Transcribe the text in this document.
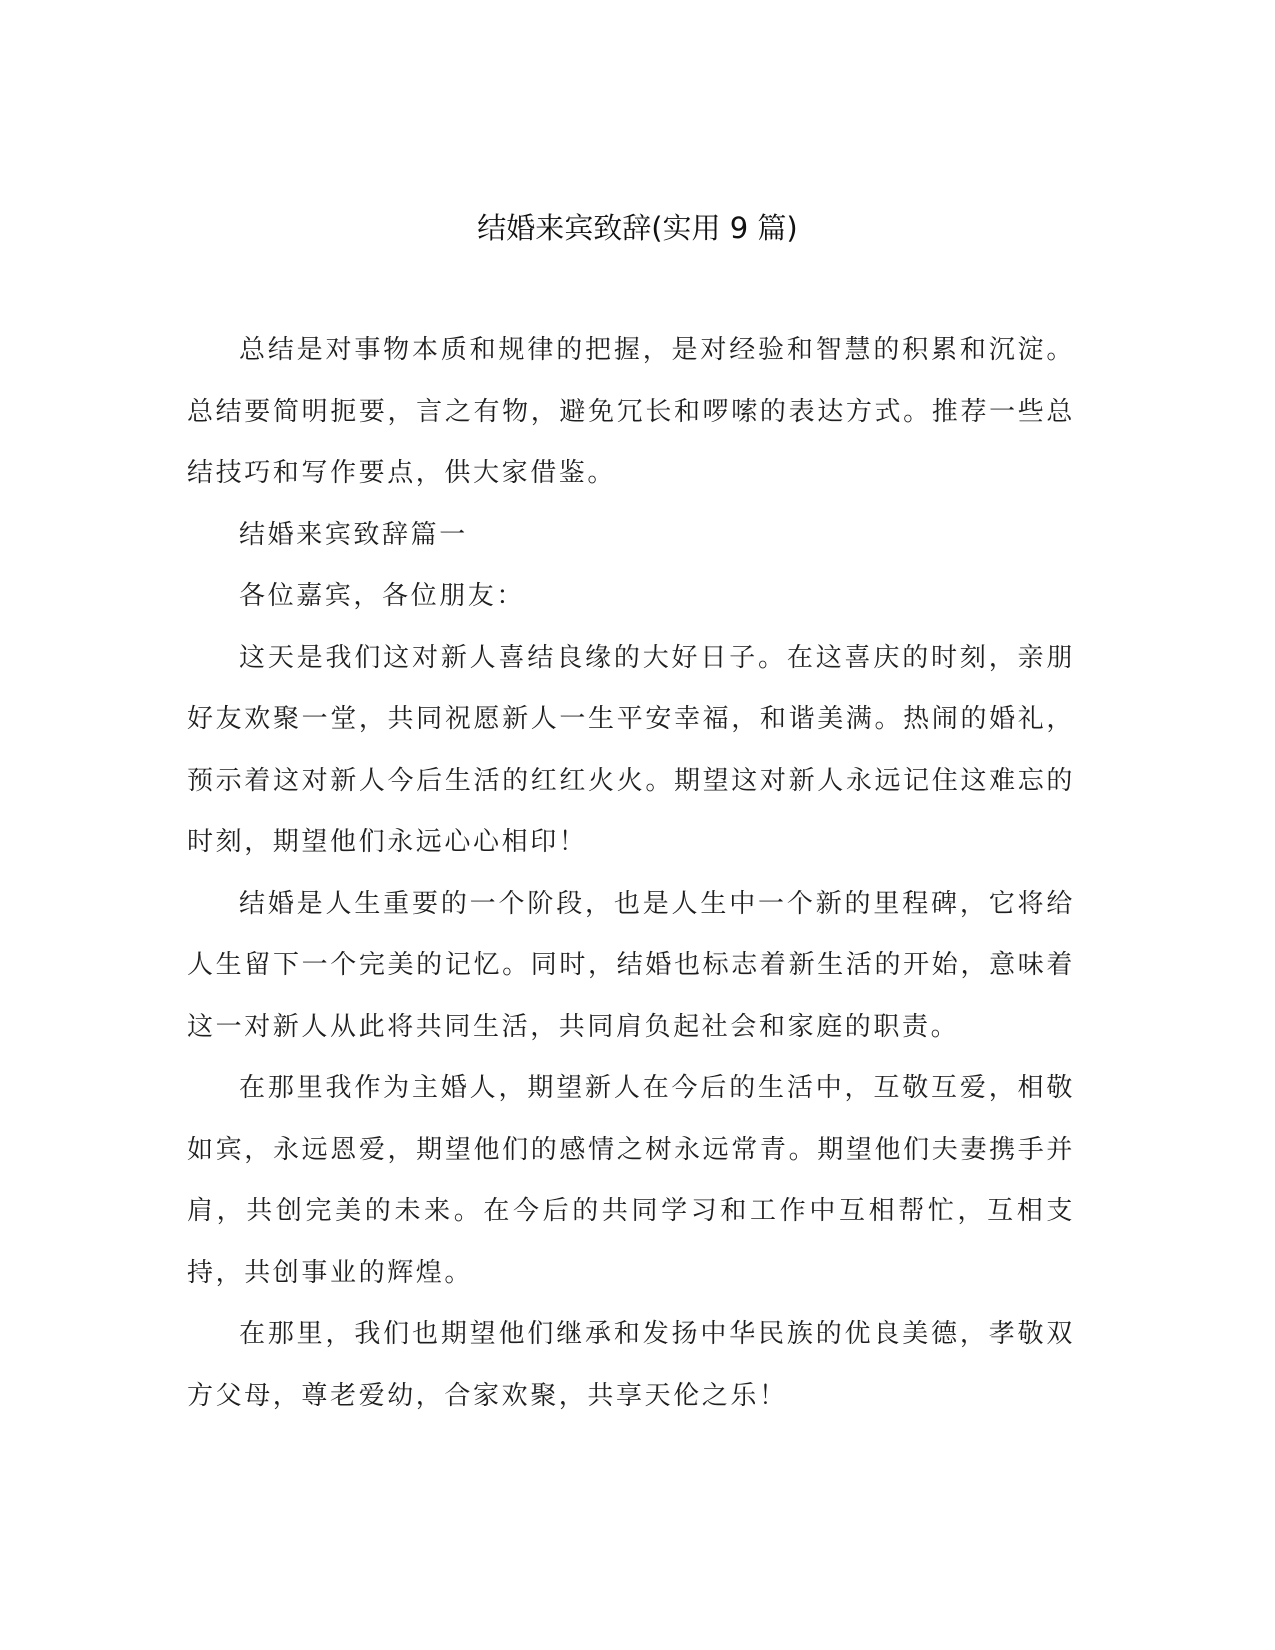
结婚来宾致辞(实用 9 篇)

总结是对事物本质和规律的把握，是对经验和智慧的积累和沉淀。总结要简明扼要，言之有物，避免冗长和啰嗦的表达方式。推荐一些总结技巧和写作要点，供大家借鉴。

结婚来宾致辞篇一

各位嘉宾，各位朋友：

这天是我们这对新人喜结良缘的大好日子。在这喜庆的时刻，亲朋好友欢聚一堂，共同祝愿新人一生平安幸福，和谐美满。热闹的婚礼，预示着这对新人今后生活的红红火火。期望这对新人永远记住这难忘的时刻，期望他们永远心心相印！

结婚是人生重要的一个阶段，也是人生中一个新的里程碑，它将给人生留下一个完美的记忆。同时，结婚也标志着新生活的开始，意味着这一对新人从此将共同生活，共同肩负起社会和家庭的职责。

在那里我作为主婚人，期望新人在今后的生活中，互敬互爱，相敬如宾，永远恩爱，期望他们的感情之树永远常青。期望他们夫妻携手并肩，共创完美的未来。在今后的共同学习和工作中互相帮忙，互相支持，共创事业的辉煌。

在那里，我们也期望他们继承和发扬中华民族的优良美德，孝敬双方父母，尊老爱幼，合家欢聚，共享天伦之乐！
